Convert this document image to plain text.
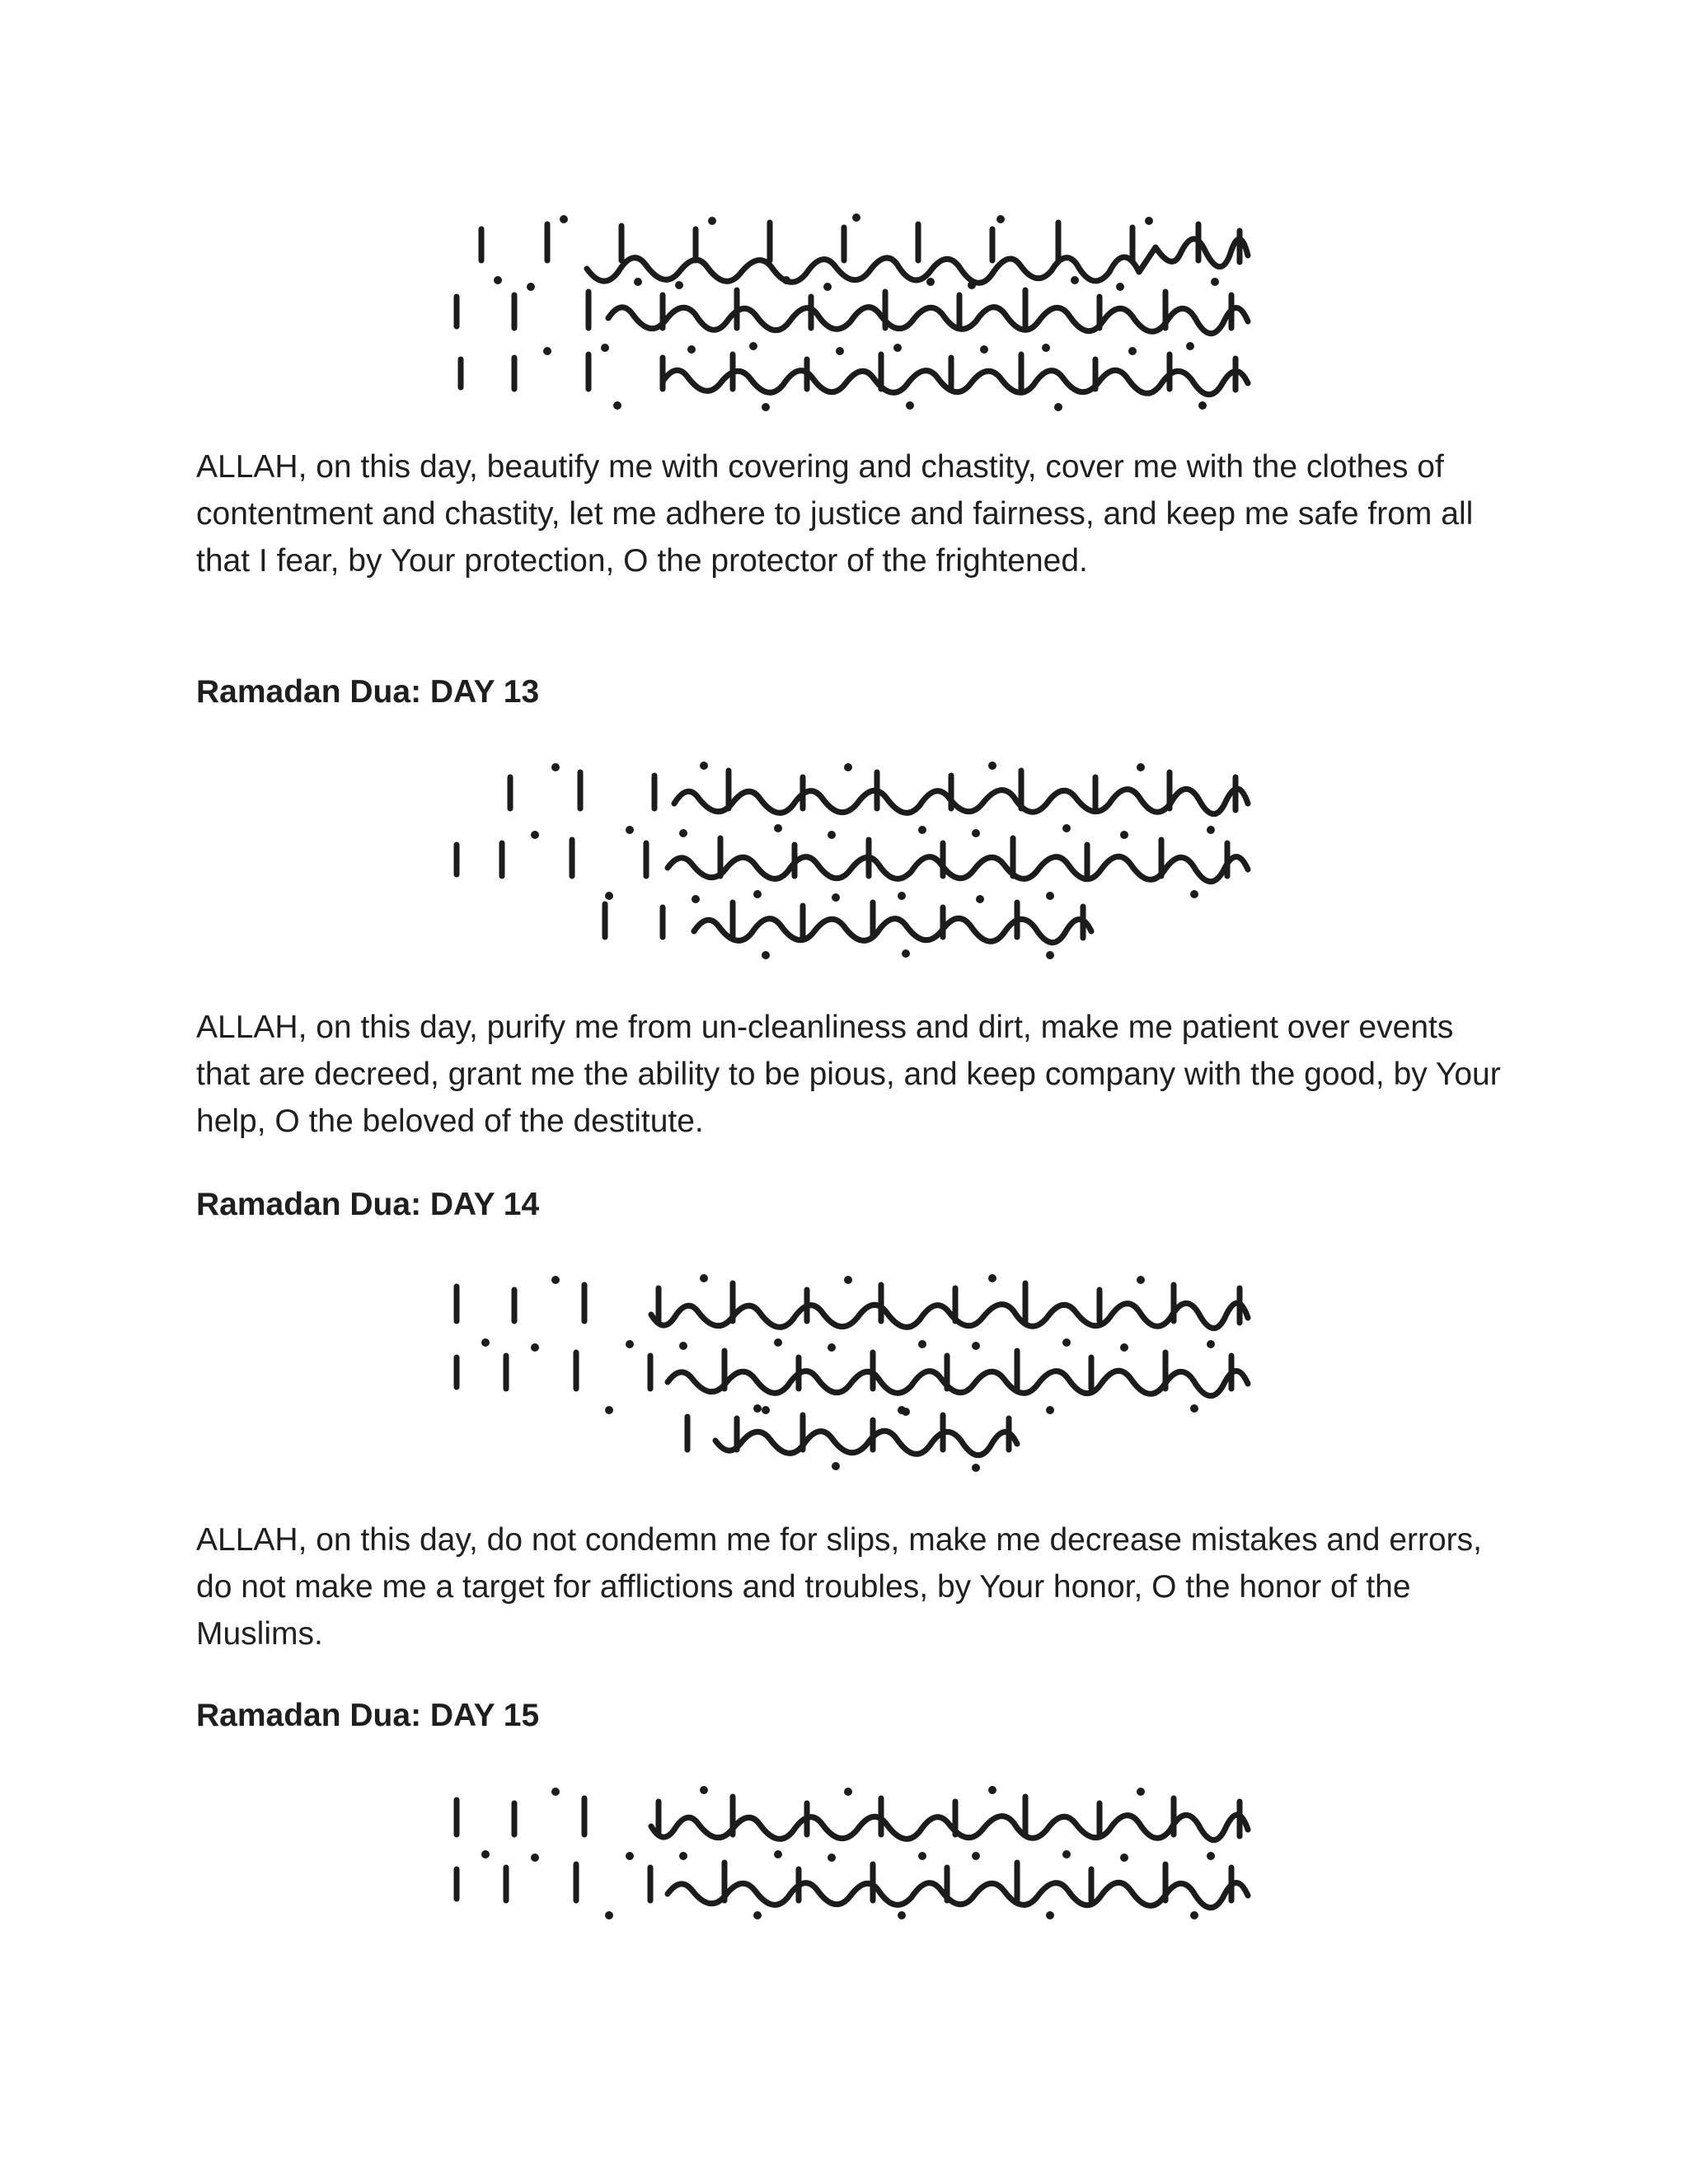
ALLAH, on this day, beautify me with covering and chastity, cover me with the clothes of contentment and chastity, let me adhere to justice and fairness, and keep me safe from all that I fear, by Your protection, O the protector of the frightened.

Ramadan Dua: DAY 13

ALLAH, on this day, purify me from un-cleanliness and dirt, make me patient over events that are decreed, grant me the ability to be pious, and keep company with the good, by Your help, O the beloved of the destitute.

Ramadan Dua: DAY 14

ALLAH, on this day, do not condemn me for slips, make me decrease mistakes and errors, do not make me a target for afflictions and troubles, by Your honor, O the honor of the Muslims.

Ramadan Dua: DAY 15
